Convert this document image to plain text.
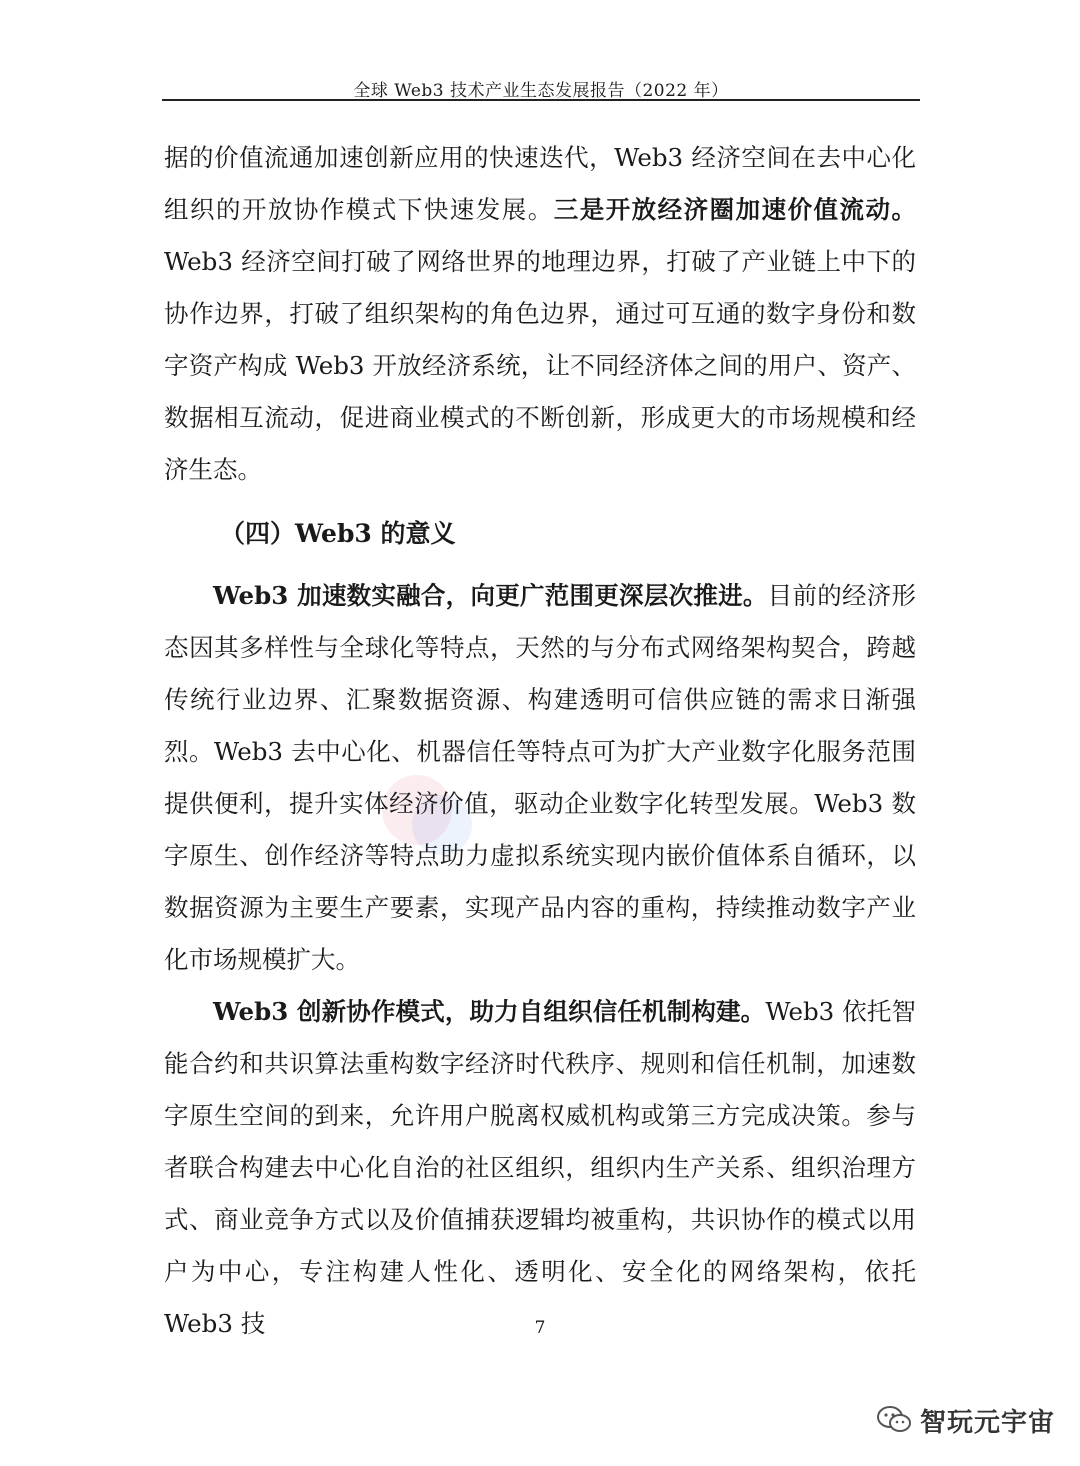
全球 Web3 技术产业生态发展报告（2022 年）

据的价值流通加速创新应用的快速迭代，Web3 经济空间在去中心化组织的开放协作模式下快速发展。三是开放经济圈加速价值流动。Web3 经济空间打破了网络世界的地理边界，打破了产业链上中下的协作边界，打破了组织架构的角色边界，通过可互通的数字身份和数字资产构成 Web3 开放经济系统，让不同经济体之间的用户、资产、数据相互流动，促进商业模式的不断创新，形成更大的市场规模和经济生态。

（四）Web3 的意义

Web3 加速数实融合，向更广范围更深层次推进。目前的经济形态因其多样性与全球化等特点，天然的与分布式网络架构契合，跨越传统行业边界、汇聚数据资源、构建透明可信供应链的需求日渐强烈。Web3 去中心化、机器信任等特点可为扩大产业数字化服务范围提供便利，提升实体经济价值，驱动企业数字化转型发展。Web3 数字原生、创作经济等特点助力虚拟系统实现内嵌价值体系自循环，以数据资源为主要生产要素，实现产品内容的重构，持续推动数字产业化市场规模扩大。

Web3 创新协作模式，助力自组织信任机制构建。Web3 依托智能合约和共识算法重构数字经济时代秩序、规则和信任机制，加速数字原生空间的到来，允许用户脱离权威机构或第三方完成决策。参与者联合构建去中心化自治的社区组织，组织内生产关系、组织治理方式、商业竞争方式以及价值捕获逻辑均被重构，共识协作的模式以用户为中心，专注构建人性化、透明化、安全化的网络架构，依托 Web3 技	7
智玩元宇宙
